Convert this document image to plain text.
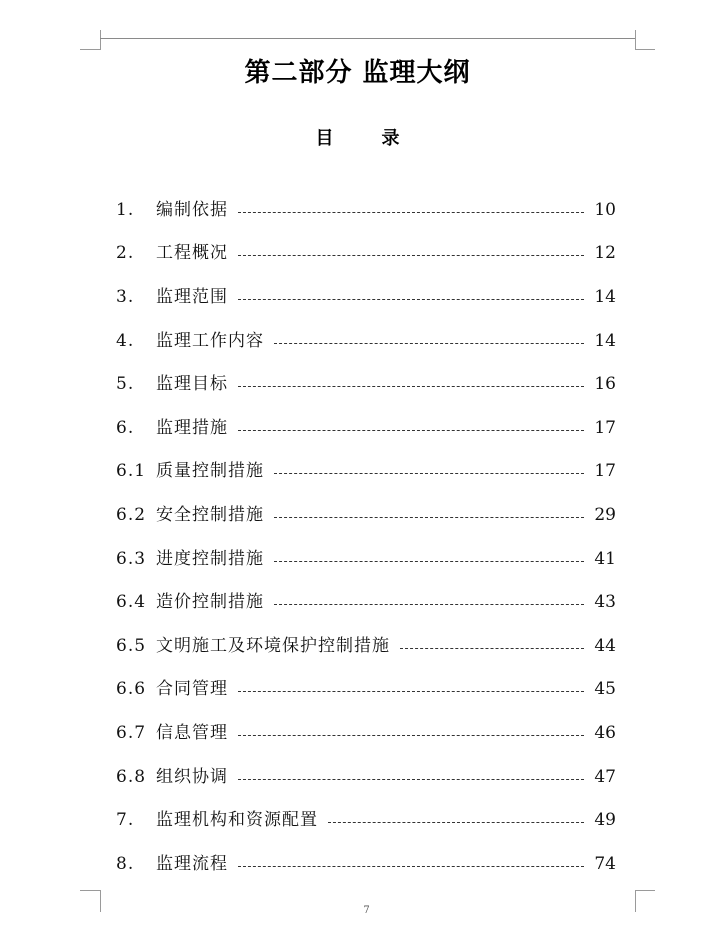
第二部分 监理大纲
目	录
1.	编制依据	10
2.	工程概况	12
3.	监理范围	14
4.	监理工作内容	14
5.	监理目标	16
6.	监理措施	17
6.1 质量控制措施	17
6.2 安全控制措施	29
6.3 进度控制措施	41
6.4 造价控制措施	43
6.5 文明施工及环境保护控制措施	44
6.6 合同管理	45
6.7 信息管理	46
6.8 组织协调	47
7.	监理机构和资源配置	49
8.	监理流程	74
7
